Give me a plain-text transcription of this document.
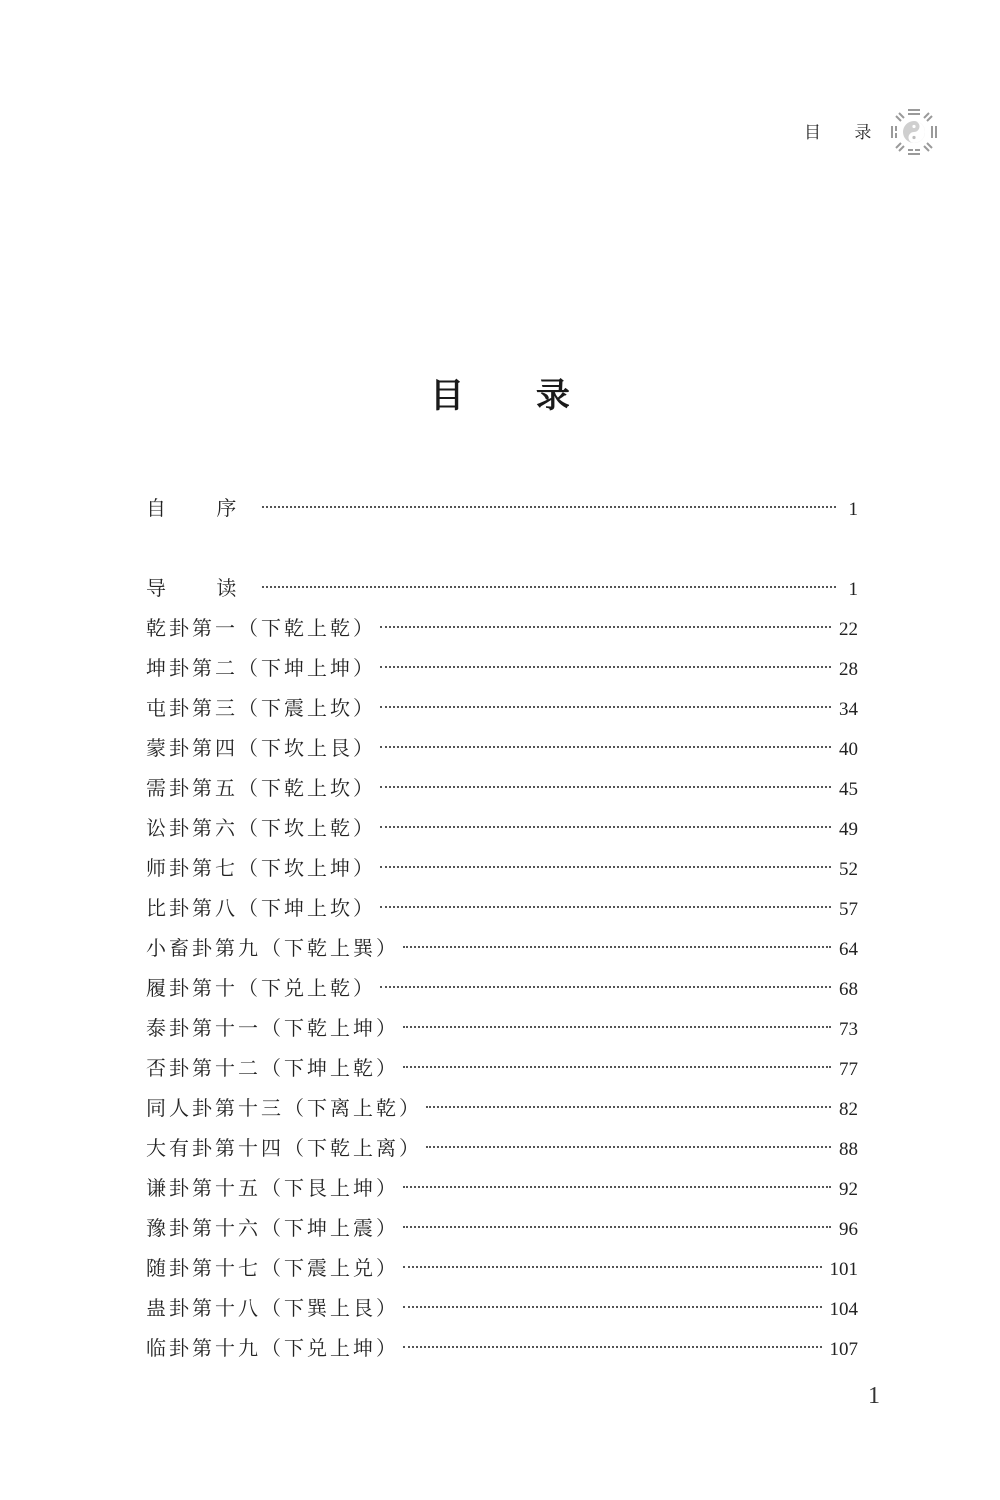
目 录
目 录
自 序	1
导 读	1
乾卦第一（下乾上乾）	22
坤卦第二（下坤上坤）	28
屯卦第三（下震上坎）	34
蒙卦第四（下坎上艮）	40
需卦第五（下乾上坎）	45
讼卦第六（下坎上乾）	49
师卦第七（下坎上坤）	52
比卦第八（下坤上坎）	57
小畜卦第九（下乾上巽）	64
履卦第十（下兑上乾）	68
泰卦第十一（下乾上坤）	73
否卦第十二（下坤上乾）	77
同人卦第十三（下离上乾）	82
大有卦第十四（下乾上离）	88
谦卦第十五（下艮上坤）	92
豫卦第十六（下坤上震）	96
随卦第十七（下震上兑）	101
蛊卦第十八（下巽上艮）	104
临卦第十九（下兑上坤）	107
1
